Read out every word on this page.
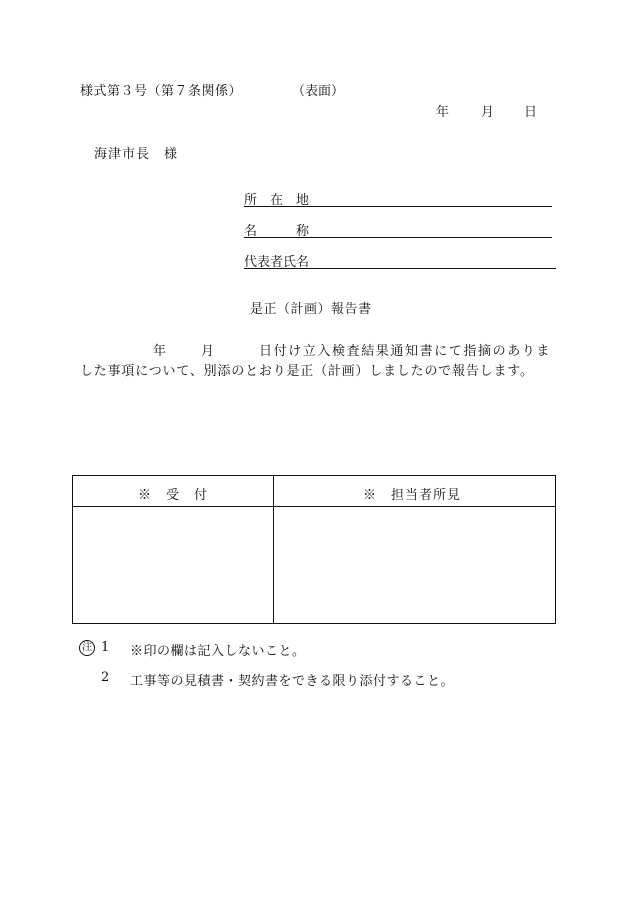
様式第３号（第７条関係）	（表面）
年 月 日
海津市長　様
所　在　地
名　　　称
代表者氏名
是正（計画）報告書
年	月	日付け立入検査結果通知書にて指摘のありま
した事項について、別添のとおり是正（計画）しましたので報告します。
※　受　付	※　担当者所見
注 1 ※印の欄は記入しないこと。
2 工事等の見積書・契約書をできる限り添付すること。
